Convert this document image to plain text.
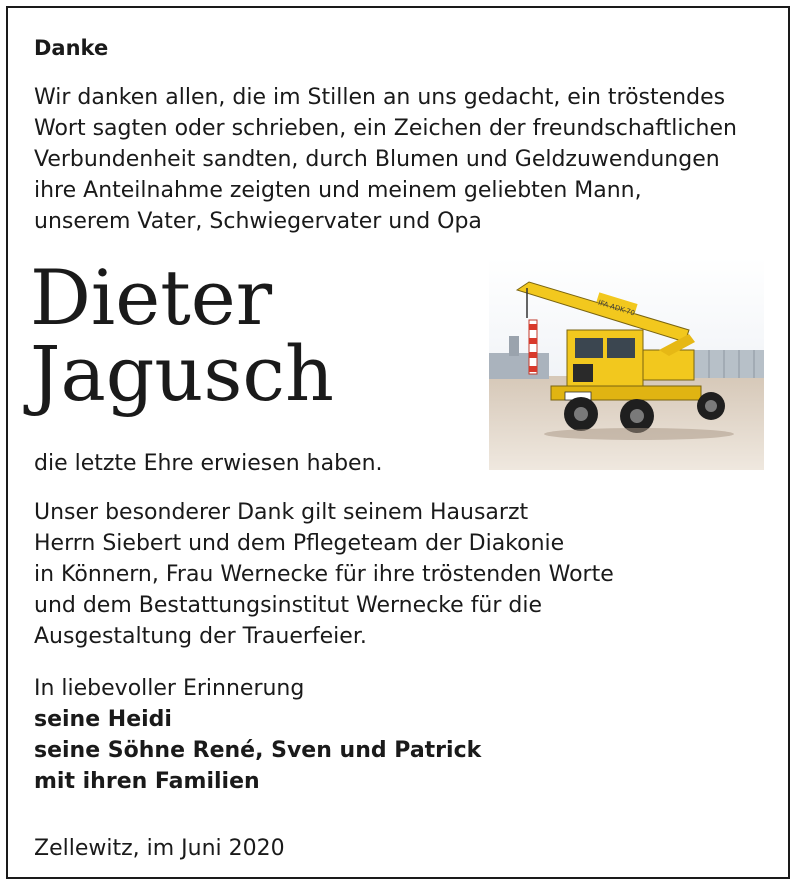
Danke
Wir danken allen, die im Stillen an uns gedacht, ein tröstendes
Wort sagten oder schrieben, ein Zeichen der freundschaftlichen
Verbundenheit sandten, durch Blumen und Geldzuwendungen
ihre Anteilnahme zeigten und meinem geliebten Mann,
unserem Vater, Schwiegervater und Opa
Dieter
Jagusch
IFA ADK-70
die letzte Ehre erwiesen haben.
Unser besonderer Dank gilt seinem Hausarzt
Herrn Siebert und dem Pflegeteam der Diakonie
in Könnern, Frau Wernecke für ihre tröstenden Worte
und dem Bestattungsinstitut Wernecke für die
Ausgestaltung der Trauerfeier.
In liebevoller Erinnerung
seine Heidi
seine Söhne René, Sven und Patrick
mit ihren Familien
Zellewitz, im Juni 2020
